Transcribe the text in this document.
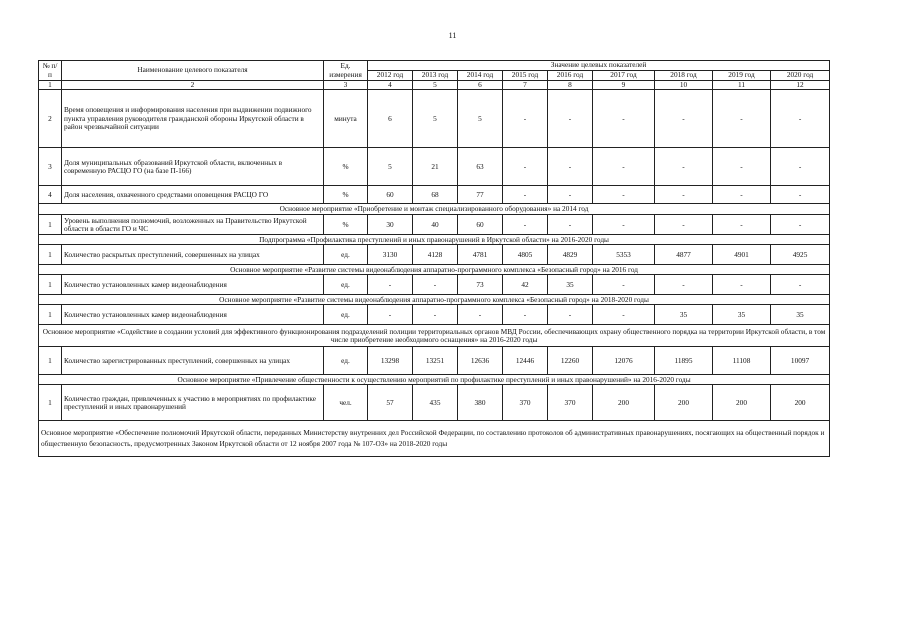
11
№ п/п	Наименование целевого показателя	Ед. измерения	Значение целевых показателей								
			2012 год	2013 год	2014 год	2015 год	2016 год	2017 год	2018 год	2019 год	2020 год
1	2	3	4	5	6	7	8	9	10	11	12
2	Время оповещения и информирования населения при выдвижении подвижного пункта управления руководителя гражданской обороны Иркутской области в район чрезвычайной ситуации	минута	6	5	5	-	-	-	-	-	-
3	Доля муниципальных образований Иркутской области, включенных в современную РАСЦО ГО (на базе П-166)	%	5	21	63	-	-	-	-	-	-
4	Доля населения, охваченного средствами оповещения РАСЦО ГО	%	60	68	77	-	-	-	-	-	-
Основное мероприятие «Приобретение и монтаж специализированного оборудования» на 2014 год											
1	Уровень выполнения полномочий, возложенных на Правительство Иркутской области в области ГО и ЧС	%	30	40	60	-	-	-	-	-	-
Подпрограмма «Профилактика преступлений и иных правонарушений в Иркутской области» на 2016-2020 годы											
1	Количество раскрытых преступлений, совершенных на улицах	ед.	3130	4128	4781	4805	4829	5353	4877	4901	4925
Основное мероприятие «Развитие системы видеонаблюдения аппаратно-программного комплекса «Безопасный город» на 2016 год											
1	Количество установленных камер видеонаблюдения	ед.	-	-	73	42	35	-	-	-	-
Основное мероприятие «Развитие системы видеонаблюдения аппаратно-программного комплекса «Безопасный город» на 2018-2020 годы											
1	Количество установленных камер видеонаблюдения	ед.	-	-	-	-	-	-	35	35	35
Основное мероприятие «Содействие в создании условий для эффективного функционирования подразделений полиции территориальных органов МВД России, обеспечивающих охрану общественного порядка на территории Иркутской области, в том числе приобретение необходимого оснащения» на 2016-2020 годы											
1	Количество зарегистрированных преступлений, совершенных на улицах	ед.	13298	13251	12636	12446	12260	12076	11895	11108	10097
Основное мероприятие «Привлечение общественности к осуществлению мероприятий по профилактике преступлений и иных правонарушений» на 2016-2020 годы											
1	Количество граждан, привлеченных к участию в мероприятиях по профилактике преступлений и иных правонарушений	чел.	57	435	380	370	370	200	200	200	200
Основное мероприятие «Обеспечение полномочий Иркутской области, переданных Министерству внутренних дел Российской Федерации, по составлению протоколов об административных правонарушениях, посягающих на общественный порядок и общественную безопасность, предусмотренных Законом Иркутской области от 12 ноября 2007 года № 107-ОЗ» на 2018-2020 годы											
